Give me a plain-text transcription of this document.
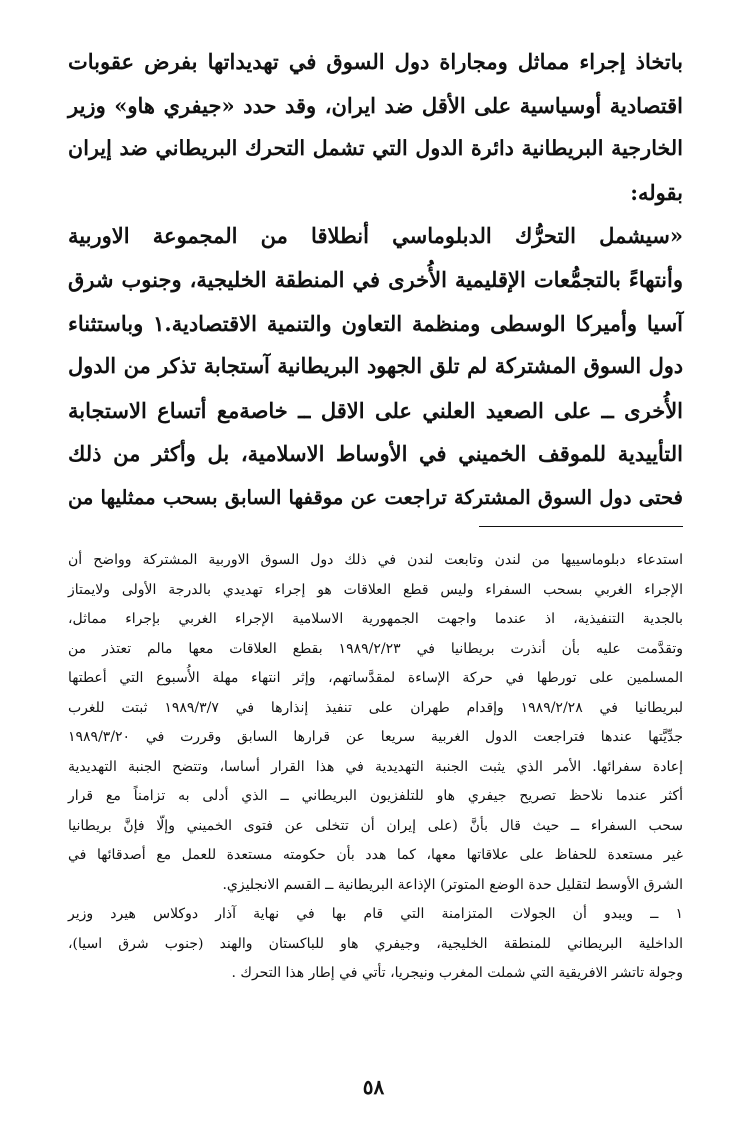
باتخاذ إجراء مماثل ومجاراة دول السوق في تهديداتها بفرض عقوبات

اقتصادية أوسياسية على الأقل ضد ايران، وقد حدد «جيفري هاو» وزير

الخارجية البريطانية دائرة الدول التي تشمل التحرك البريطاني ضد إيران

بقوله:

«سيشمل التحرُّك الدبلوماسي أنطلاقا من المجموعة الاوربية

وأنتهاءً بالتجمُّعات الإقليمية الأُخرى في المنطقة الخليجية، وجنوب شرق

آسيا وأميركا الوسطى ومنظمة التعاون والتنمية الاقتصادية.١ وباستثناء

دول السوق المشتركة لم تلق الجهود البريطانية آستجابة تذكر من الدول

الأُخرى ــ على الصعيد العلني على الاقل ــ خاصةمع أتساع الاستجابة

التأييدية للموقف الخميني في الأوساط الاسلامية، بل وأكثر من ذلك

فحتى دول السوق المشتركة تراجعت عن موقفها السابق بسحب ممثليها من

استدعاء دبلوماسييها من لندن وتابعت لندن في ذلك دول السوق الاوربية المشتركة وواضح أن

الإجراء الغربي بسحب السفراء وليس قطع العلاقات هو إجراء تهديدي بالدرجة الأولى ولايمتاز

بالجدية التنفيذية، اذ عندما واجهت الجمهورية الاسلامية الإجراء الغربي بإجراء مماثل،

وتقدَّمت عليه بأن أنذرت بريطانيا في ١٩٨٩/٢/٢٣ بقطع العلاقات معها مالم تعتذر من

المسلمين على تورطها في حركة الإساءة لمقدَّساتهم، وإثر انتهاء مهلة الأُسبوع التي أعطتها

لبريطانيا في ١٩٨٩/٢/٢٨ وإقدام طهران على تنفيذ إنذارها في ١٩٨٩/٣/٧ ثبتت للغرب

جدِّيَّتها عندها فتراجعت الدول الغربية سريعا عن قرارها السابق وقررت في ١٩٨٩/٣/٢٠

إعادة سفرائها. الأمر الذي يثبت الجنبة التهديدية في هذا القرار أساسا، وتتضح الجنبة التهديدية

أكثر عندما نلاحظ تصريح جيفري هاو للتلفزيون البريطاني ــ الذي أدلى به تزامناً مع قرار

سحب السفراء ــ حيث قال بأنَّ (على إيران أن تتخلى عن فتوى الخميني وإلّا فإنَّ بريطانيا

غير مستعدة للحفاظ على علاقاتها معها، كما هدد بأن حكومته مستعدة للعمل مع أصدقائها في

الشرق الأوسط لتقليل حدة الوضع المتوتر) الإذاعة البريطانية ــ القسم الانجليزي.

١ ــ ويبدو أن الجولات المتزامنة التي قام بها في نهاية آذار دوكلاس هيرد وزير

الداخلية البريطاني للمنطقة الخليجية، وجيفري هاو للباكستان والهند (جنوب شرق اسيا)،

وجولة تاتشر الافريقية التي شملت المغرب ونيجريا، تأتي في إطار هذا التحرك .

٥٨
